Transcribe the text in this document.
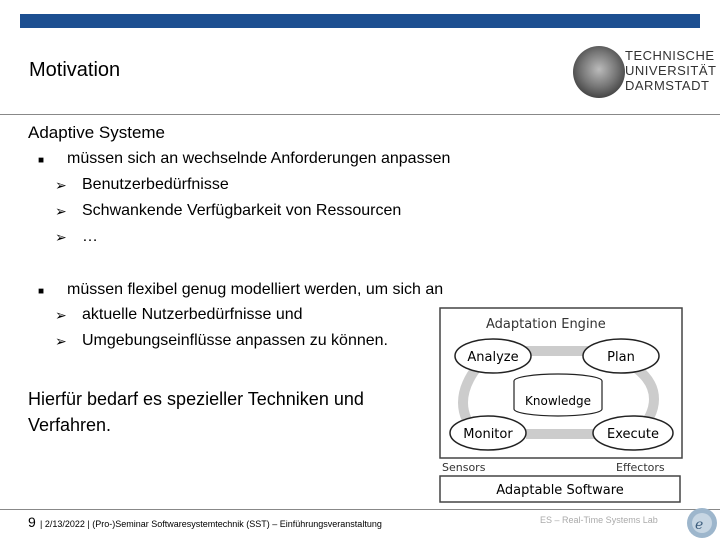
Motivation
TECHNISCHE
UNIVERSITÄT
DARMSTADT
Adaptive Systeme
■ müssen sich an wechselnde Anforderungen anpassen
➢ Benutzerbedürfnisse
➢ Schwankende Verfügbarkeit von Ressourcen
➢ …
■ müssen flexibel genug modelliert werden, um sich an
➢ aktuelle Nutzerbedürfnisse und
➢ Umgebungseinflüsse anpassen zu können.
Hierfür bedarf es spezieller Techniken und
Verfahren.
Adaptation Engine
Analyze	Plan
Knowledge
Monitor	Execute
Sensors	Effectors
Adaptable Software
9 | 2/13/2022 | (Pro-)Seminar Softwaresystemtechnik (SST) – Einführungsveranstaltung	ES – Real-Time Systems Lab	e
